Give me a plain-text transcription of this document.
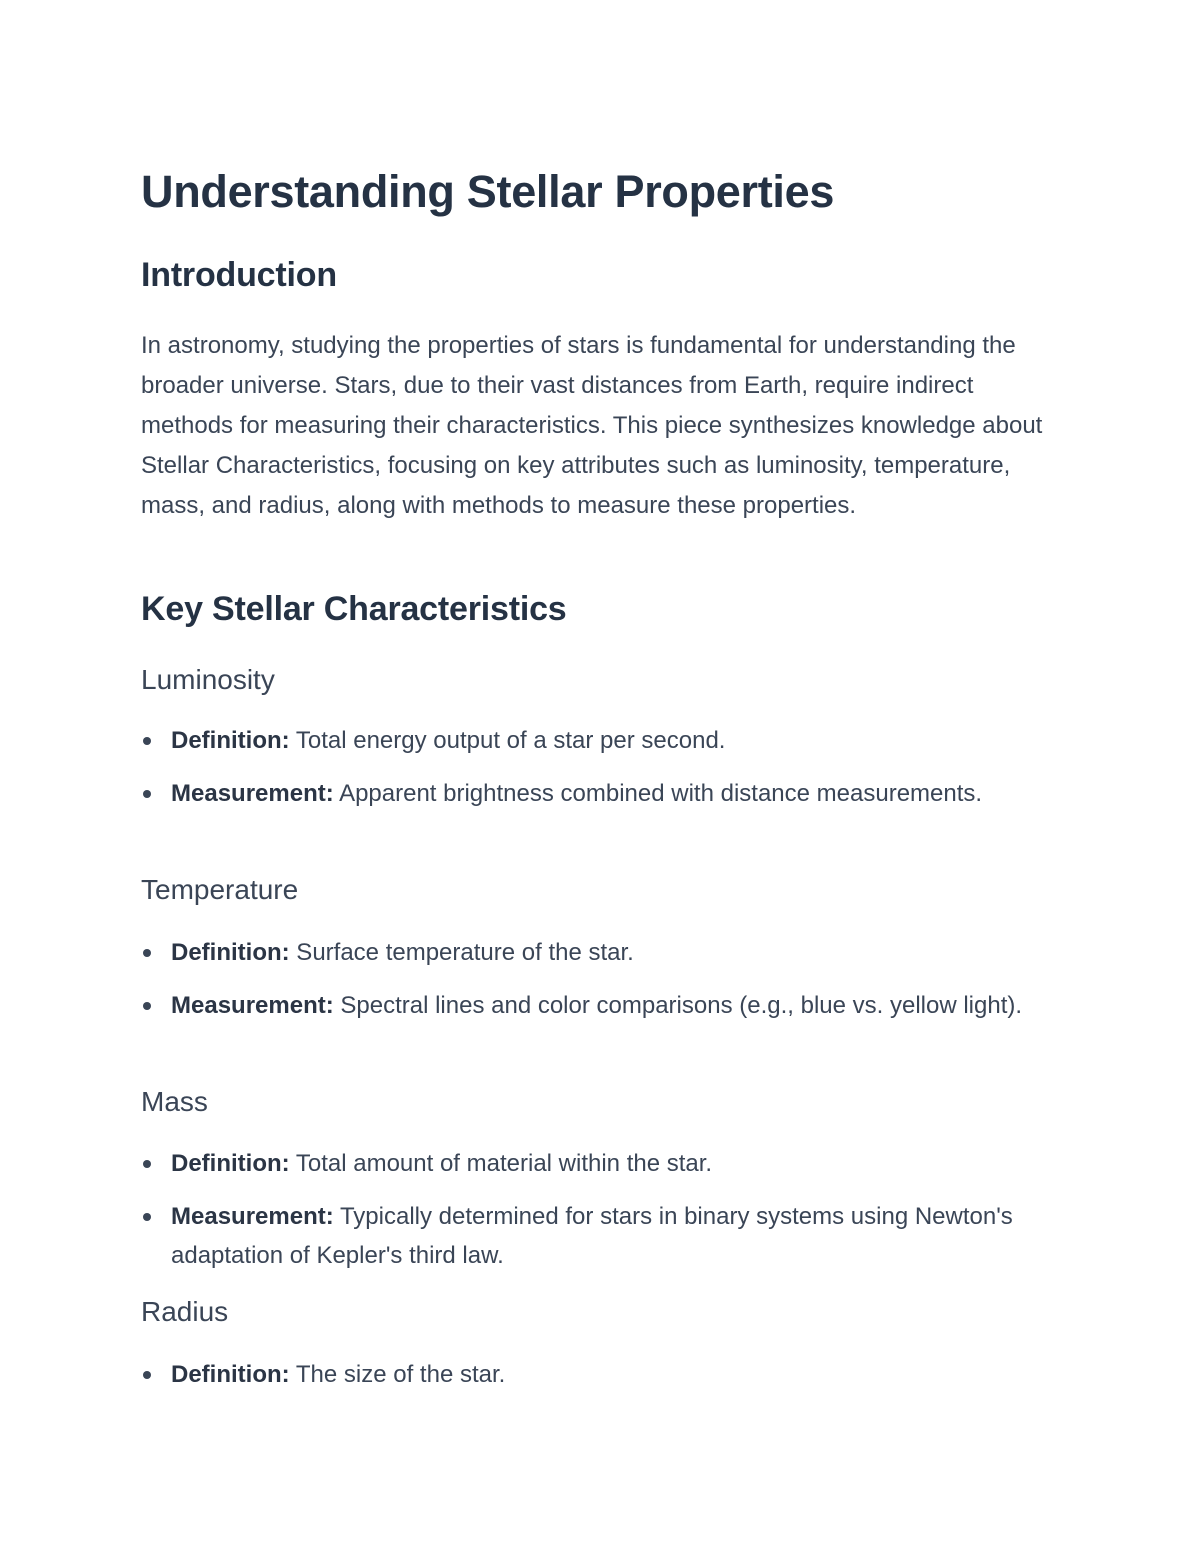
Understanding Stellar Properties
Introduction

In astronomy, studying the properties of stars is fundamental for understanding the broader universe. Stars, due to their vast distances from Earth, require indirect methods for measuring their characteristics. This piece synthesizes knowledge about Stellar Characteristics, focusing on key attributes such as luminosity, temperature, mass, and radius, along with methods to measure these properties.

Key Stellar Characteristics
Luminosity
Definition: Total energy output of a star per second.
Measurement: Apparent brightness combined with distance measurements.
Temperature
Definition: Surface temperature of the star.
Measurement: Spectral lines and color comparisons (e.g., blue vs. yellow light).
Mass
Definition: Total amount of material within the star.
Measurement: Typically determined for stars in binary systems using Newton's adaptation of Kepler's third law.
Radius
Definition: The size of the star.
